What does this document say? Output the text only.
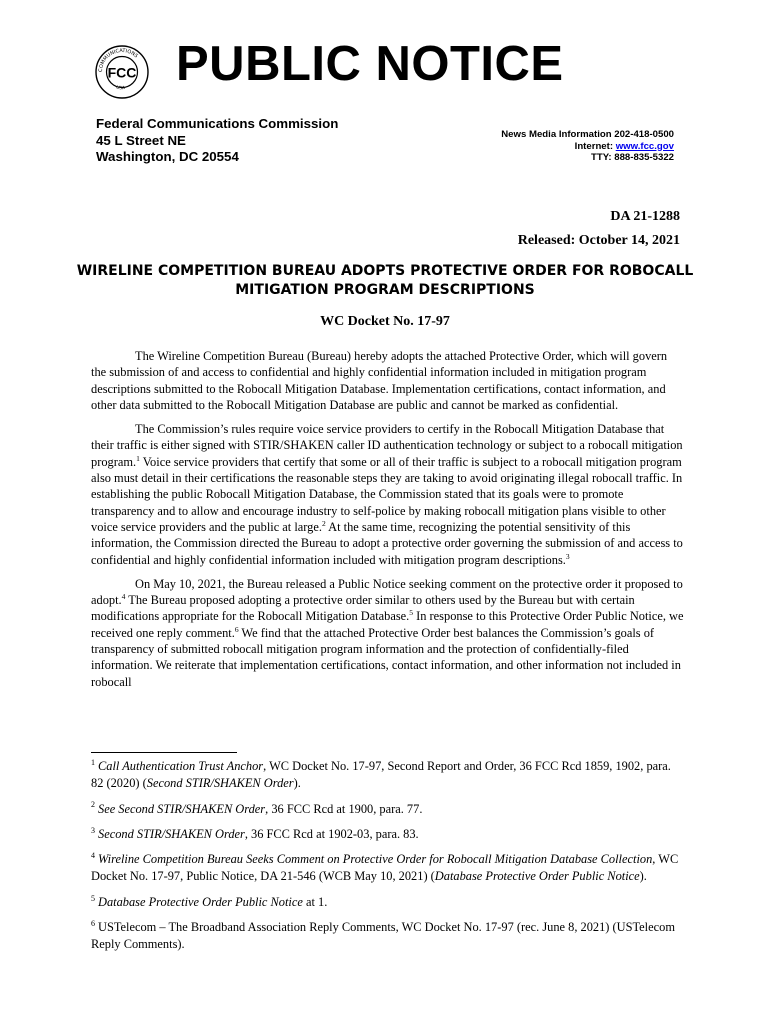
COMMUNICATIONS
USA
FCC PUBLIC NOTICE
Federal Communications Commission
45 L Street NE
Washington, DC 20554
News Media Information 202-418-0500
Internet: www.fcc.gov
TTY: 888-835-5322
DA 21-1288
Released: October 14, 2021
WIRELINE COMPETITION BUREAU ADOPTS PROTECTIVE ORDER FOR ROBOCALL MITIGATION PROGRAM DESCRIPTIONS
WC Docket No. 17-97

The Wireline Competition Bureau (Bureau) hereby adopts the attached Protective Order, which will govern the submission of and access to confidential and highly confidential information included in mitigation program descriptions submitted to the Robocall Mitigation Database. Implementation certifications, contact information, and other data submitted to the Robocall Mitigation Database are public and cannot be marked as confidential.

The Commission’s rules require voice service providers to certify in the Robocall Mitigation Database that their traffic is either signed with STIR/SHAKEN caller ID authentication technology or subject to a robocall mitigation program.$^1$ Voice service providers that certify that some or all of their traffic is subject to a robocall mitigation program also must detail in their certifications the reasonable steps they are taking to avoid originating illegal robocall traffic. In establishing the public Robocall Mitigation Database, the Commission stated that its goals were to promote transparency and to allow and encourage industry to self-police by making robocall mitigation plans visible to other voice service providers and the public at large.$^2$ At the same time, recognizing the potential sensitivity of this information, the Commission directed the Bureau to adopt a protective order governing the submission of and access to confidential and highly confidential information included with mitigation program descriptions.$^3$

On May 10, 2021, the Bureau released a Public Notice seeking comment on the protective order it proposed to adopt.$^4$ The Bureau proposed adopting a protective order similar to others used by the Bureau but with certain modifications appropriate for the Robocall Mitigation Database.$^5$ In response to this Protective Order Public Notice, we received one reply comment.$^6$ We find that the attached Protective Order best balances the Commission’s goals of transparency of submitted robocall mitigation program information and the protection of confidentially-filed information. We reiterate that implementation certifications, contact information, and other information not included in robocall

$^1$ Call Authentication Trust Anchor, WC Docket No. 17-97, Second Report and Order, 36 FCC Rcd 1859, 1902, para. 82 (2020) (Second STIR/SHAKEN Order).
$^2$ See Second STIR/SHAKEN Order, 36 FCC Rcd at 1900, para. 77.
$^3$ Second STIR/SHAKEN Order, 36 FCC Rcd at 1902-03, para. 83.
$^4$ Wireline Competition Bureau Seeks Comment on Protective Order for Robocall Mitigation Database Collection, WC Docket No. 17-97, Public Notice, DA 21-546 (WCB May 10, 2021) (Database Protective Order Public Notice).
$^5$ Database Protective Order Public Notice at 1.
$^6$ USTelecom – The Broadband Association Reply Comments, WC Docket No. 17-97 (rec. June 8, 2021) (USTelecom Reply Comments).
